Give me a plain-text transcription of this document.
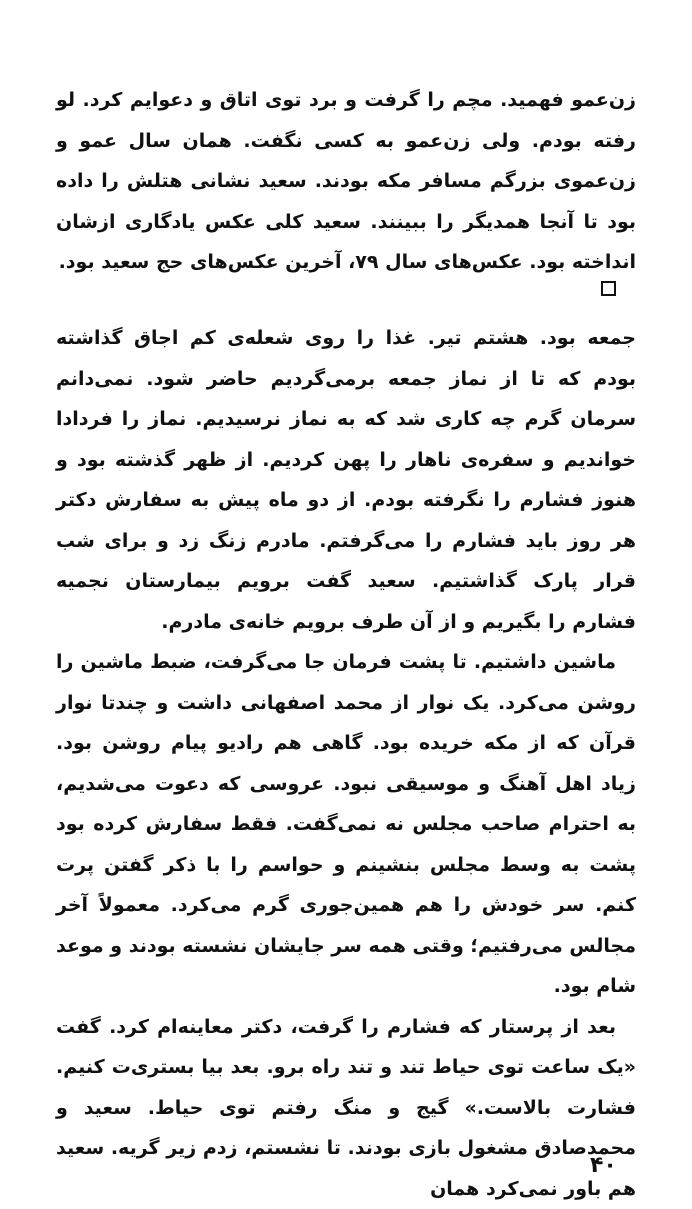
زن‌عمو فهمید. مچم را گرفت و برد توی اتاق و دعوایم کرد. لو رفته بودم. ولی زن‌عمو به کسی نگفت. همان سال عمو و زن‌عموی بزرگم مسافر مکه بودند. سعید نشانی هتلش را داده بود تا آنجا همدیگر را ببینند. سعید کلی عکس یادگاری ازشان انداخته بود. عکس‌های سال ۷۹، آخرین عکس‌های حج سعید بود.

جمعه بود. هشتم تیر. غذا را روی شعله‌ی کم اجاق گذاشته بودم که تا از نماز جمعه برمی‌گردیم حاضر شود. نمی‌دانم سرمان گرم چه کاری شد که به نماز نرسیدیم. نماز را فردادا خواندیم و سفره‌ی ناهار را پهن کردیم. از ظهر گذشته بود و هنوز فشارم را نگرفته بودم. از دو ماه پیش به سفارش دکتر هر روز باید فشارم را می‌گرفتم. مادرم زنگ زد و برای شب قرار پارک گذاشتیم. سعید گفت برویم بیمارستان نجمیه فشارم را بگیریم و از آن طرف برویم خانه‌ی مادرم.

ماشین داشتیم. تا پشت فرمان جا می‌گرفت، ضبط ماشین را روشن می‌کرد. یک نوار از محمد اصفهانی داشت و چندتا نوار قرآن که از مکه خریده بود. گاهی هم رادیو پیام روشن بود. زیاد اهل آهنگ و موسیقی نبود. عروسی که دعوت می‌شدیم، به احترام صاحب مجلس نه نمی‌گفت. فقط سفارش کرده بود پشت به وسط مجلس بنشینم و حواسم را با ذکر گفتن پرت کنم. سر خودش را هم همین‌جوری گرم می‌کرد. معمولاً آخر مجالس می‌رفتیم؛ وقتی همه سر جایشان نشسته بودند و موعد شام بود.

بعد از پرستار که فشارم را گرفت، دکتر معاینه‌ام کرد. گفت «یک ساعت توی حیاط تند و تند راه برو. بعد بیا بستری‌ت کنیم. فشارت بالاست.» گیج و منگ رفتم توی حیاط. سعید و محمدصادق مشغول بازی بودند. تا نشستم، زدم زیر گریه. سعید هم باور نمی‌کرد همان

۴۰
